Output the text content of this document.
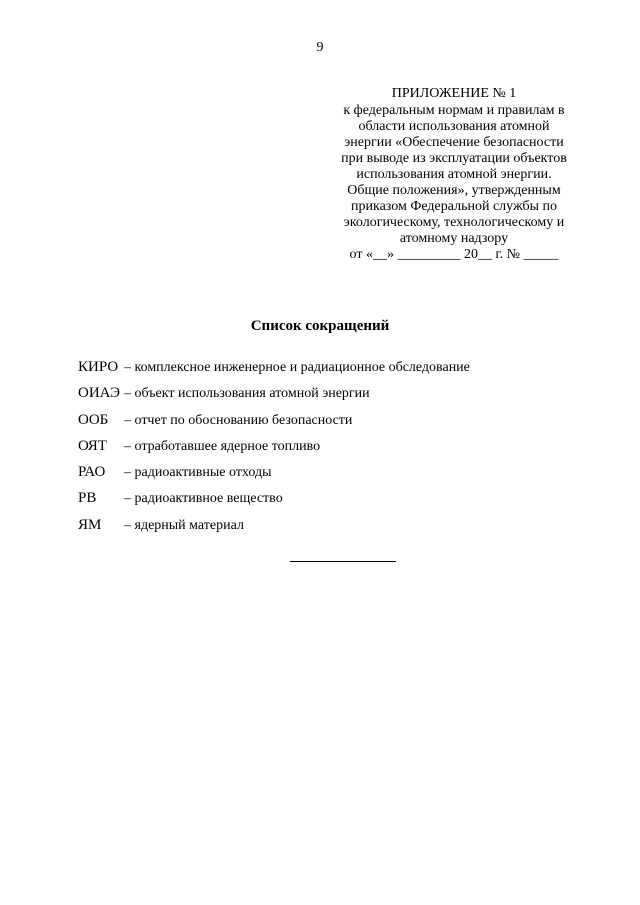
9
ПРИЛОЖЕНИЕ № 1
к федеральным нормам и правилам в
области использования атомной
энергии «Обеспечение безопасности
при выводе из эксплуатации объектов
использования атомной энергии.
Общие положения», утвержденным
приказом Федеральной службы по
экологическому, технологическому и
атомному надзору
от «__» _________ 20__ г. № _____
Список сокращений
КИРО – комплексное инженерное и радиационное обследование
ОИАЭ – объект использования атомной энергии
ООБ	– отчет по обоснованию безопасности
ОЯТ	– отработавшее ядерное топливо
РАО	– радиоактивные отходы
РВ	– радиоактивное вещество
ЯМ	– ядерный материал
